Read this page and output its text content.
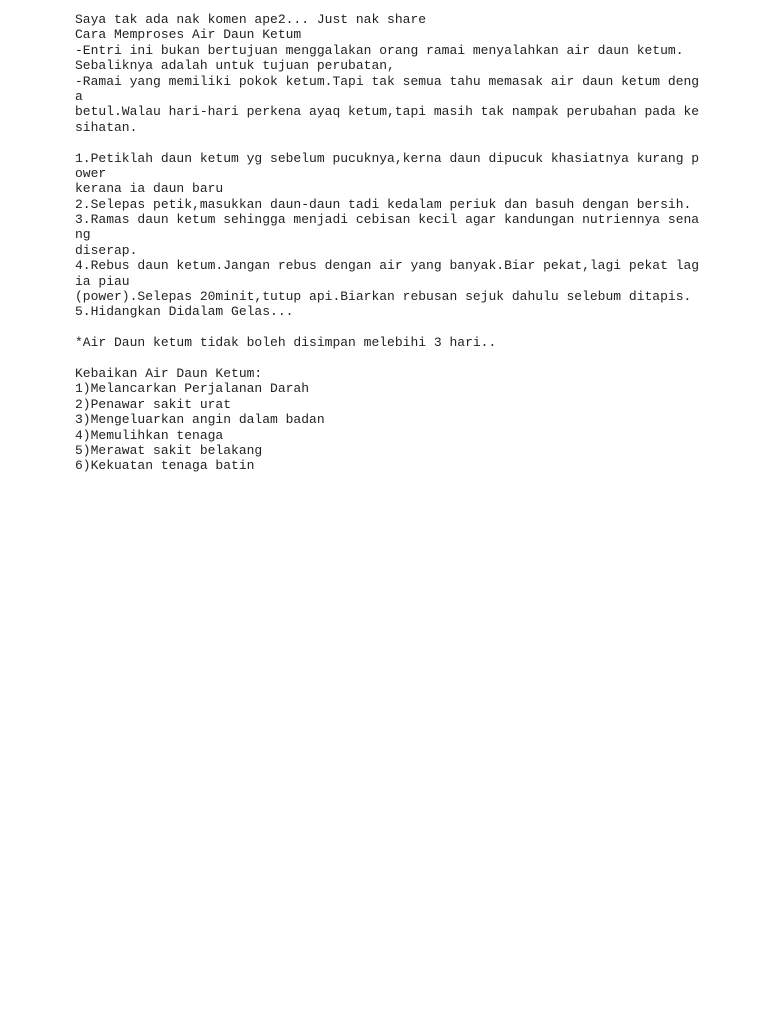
Saya tak ada nak komen ape2... Just nak share
Cara Memproses Air Daun Ketum
-Entri ini bukan bertujuan menggalakan orang ramai menyalahkan air daun ketum.
Sebaliknya adalah untuk tujuan perubatan,
-Ramai yang memiliki pokok ketum.Tapi tak semua tahu memasak air daun ketum deng
a
betul.Walau hari-hari perkena ayaq ketum,tapi masih tak nampak perubahan pada ke
sihatan.
1.Petiklah daun ketum yg sebelum pucuknya,kerna daun dipucuk khasiatnya kurang p
ower
kerana ia daun baru
2.Selepas petik,masukkan daun-daun tadi kedalam periuk dan basuh dengan bersih.
3.Ramas daun ketum sehingga menjadi cebisan kecil agar kandungan nutriennya sena
ng
diserap.
4.Rebus daun ketum.Jangan rebus dengan air yang banyak.Biar pekat,lagi pekat lag
ia piau
(power).Selepas 20minit,tutup api.Biarkan rebusan sejuk dahulu selebum ditapis.
5.Hidangkan Didalam Gelas...
*Air Daun ketum tidak boleh disimpan melebihi 3 hari..
Kebaikan Air Daun Ketum:
1)Melancarkan Perjalanan Darah
2)Penawar sakit urat
3)Mengeluarkan angin dalam badan
4)Memulihkan tenaga
5)Merawat sakit belakang
6)Kekuatan tenaga batin
